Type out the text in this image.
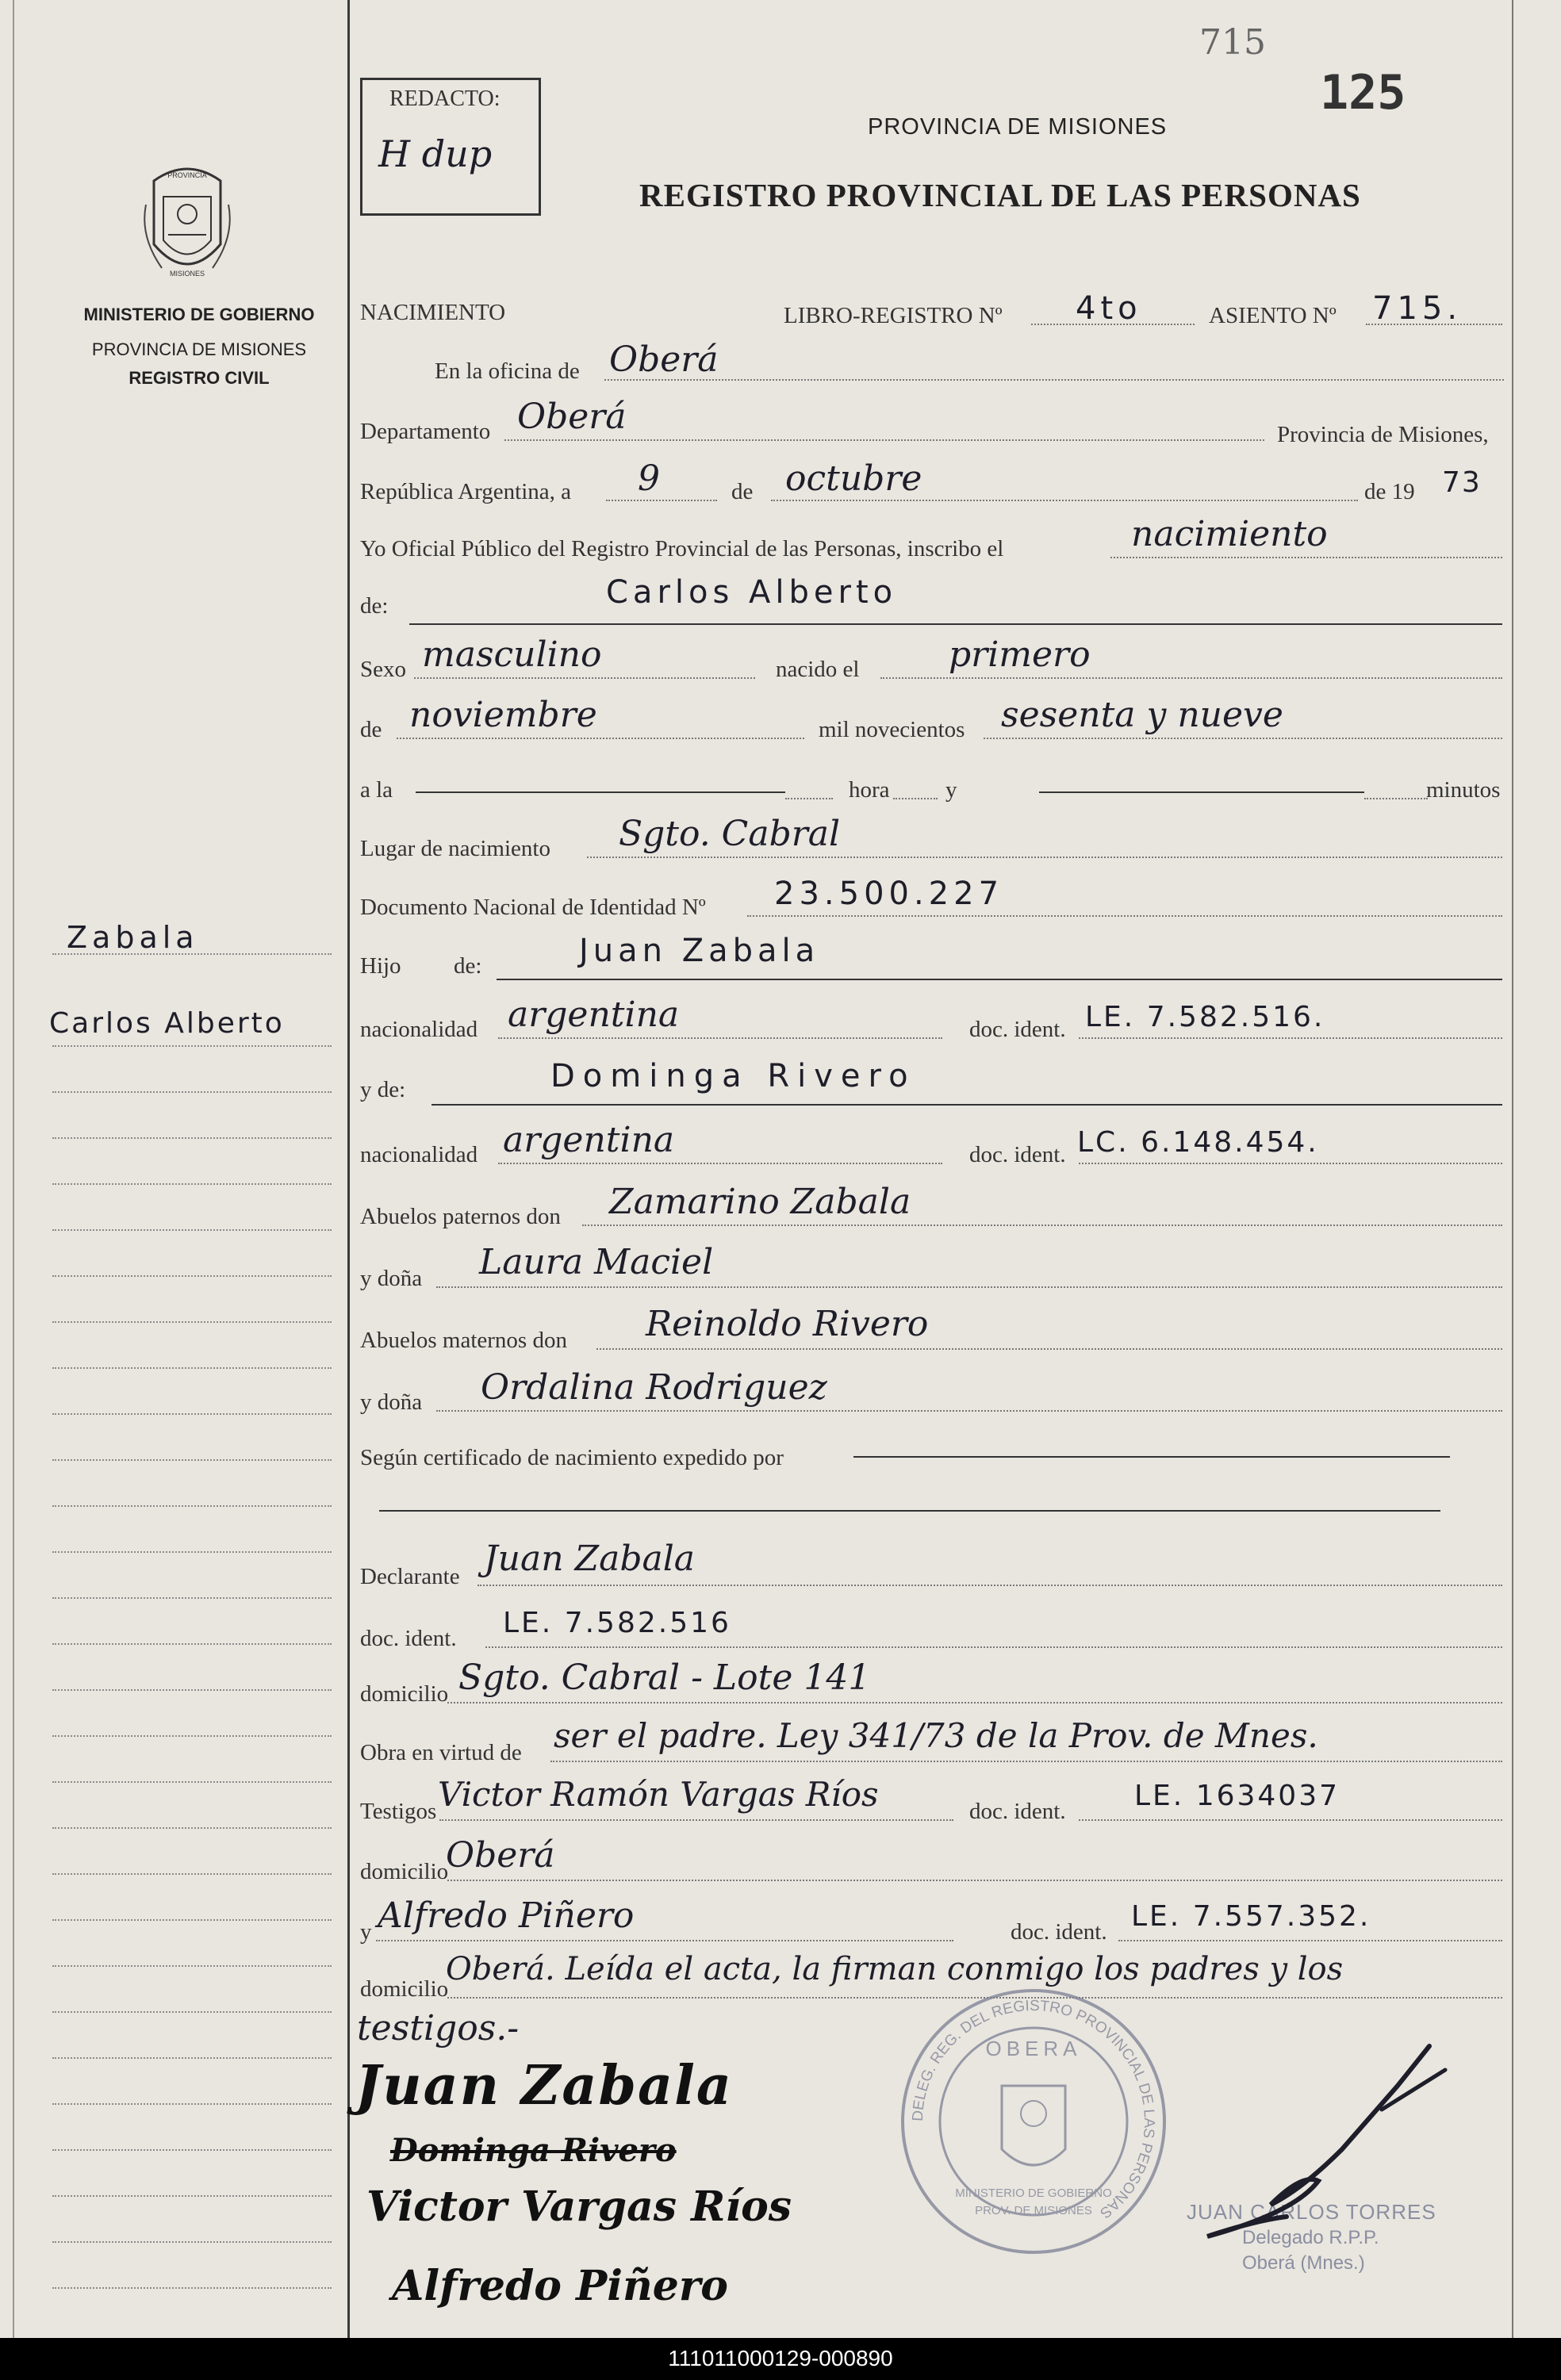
PROVINCIA
MISIONES
MINISTERIO DE GOBIERNO
PROVINCIA DE MISIONES
REGISTRO CIVIL
Zabala
Carlos Alberto
REDACTO:
H dup
715
125
PROVINCIA DE MISIONES
REGISTRO PROVINCIAL DE LAS PERSONAS
NACIMIENTO	LIBRO-REGISTRO Nº 4to	ASIENTO Nº 715.
En la oficina de Oberá
Departamento Oberá	Provincia de Misiones,
República Argentina, a 9	de octubre	de 19 73
Yo Oficial Público del Registro Provincial de las Personas, inscribo el	nacimiento
de:	Carlos Alberto
Sexo masculino	nacido el	primero
de noviembre	mil novecientos sesenta y nueve
a la	hora y	minutos
Lugar de nacimiento Sgto. Cabral
Documento Nacional de Identidad Nº 23.500.227
Hijo de:	Juan Zabala
nacionalidad argentina	doc. ident. LE. 7.582.516.
y de:	Dominga Rivero
nacionalidad argentina	doc. ident. LC. 6.148.454.
Abuelos paternos don Zamarino Zabala
y doña Laura Maciel
Abuelos maternos don Reinoldo Rivero
y doña Ordalina Rodriguez
Según certificado de nacimiento expedido por
Declarante Juan Zabala
doc. ident. LE. 7.582.516
domicilio Sgto. Cabral - Lote 141
Obra en virtud de ser el padre. Ley 341/73 de la Prov. de Mnes.
Testigos Victor Ramón Vargas Ríos	doc. ident. LE. 1634037
domicilio
Oberá
y Alfredo Piñero	doc. ident. LE. 7.557.352.
domicilio
Oberá. Leída el acta, la firman conmigo los padres y los
testigos.-
DELEG. REG. DEL REGISTRO PROVINCIAL DE LAS PERSONAS
OBERA
MINISTERIO DE GOBIERNO
PROV. DE MISIONES	JUAN CARLOS TORRES
Delegado R.P.P.
Oberá (Mnes.)
Juan Zabala
Dominga Rivero
Victor Vargas Ríos
Alfredo Piñero
111011000129-000890
